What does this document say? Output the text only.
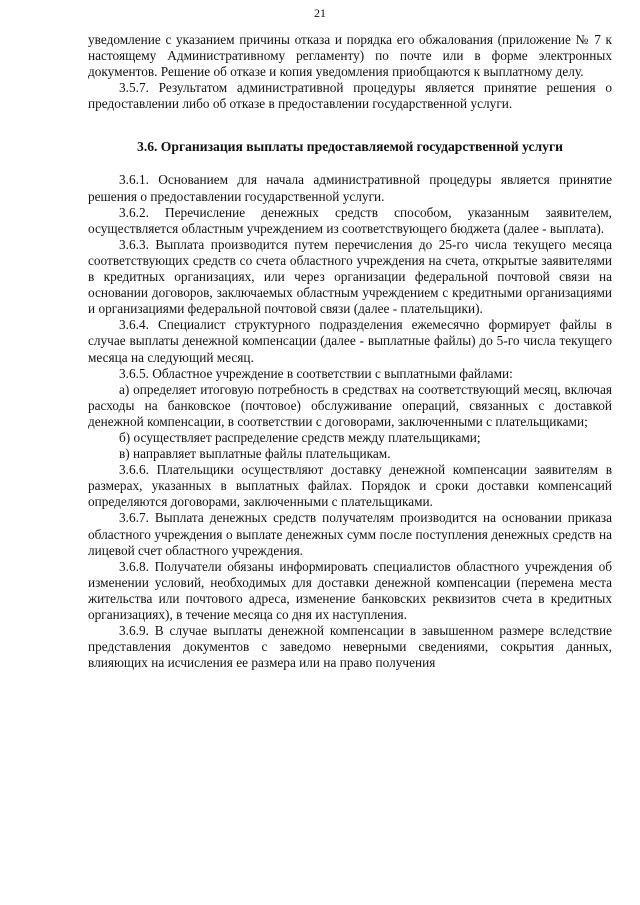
21

уведомление с указанием причины отказа и порядка его обжалования (приложение № 7 к настоящему Административному регламенту) по почте или в форме электронных документов. Решение об отказе и копия уведомления приобщаются к выплатному делу.

3.5.7. Результатом административной процедуры является принятие решения о предоставлении либо об отказе в предоставлении государственной услуги.

3.6. Организация выплаты предоставляемой государственной услуги

3.6.1. Основанием для начала административной процедуры является принятие решения о предоставлении государственной услуги.

3.6.2. Перечисление денежных средств способом, указанным заявителем, осуществляется областным учреждением из соответствующего бюджета (далее - выплата).

3.6.3. Выплата производится путем перечисления до 25-го числа текущего месяца соответствующих средств со счета областного учреждения на счета, открытые заявителями в кредитных организациях, или через организации федеральной почтовой связи на основании договоров, заключаемых областным учреждением с кредитными организациями и организациями федеральной почтовой связи (далее - плательщики).

3.6.4. Специалист структурного подразделения ежемесячно формирует файлы в случае выплаты денежной компенсации (далее - выплатные файлы) до 5-го числа текущего месяца на следующий месяц.

3.6.5. Областное учреждение в соответствии с выплатными файлами:

а) определяет итоговую потребность в средствах на соответствующий месяц, включая расходы на банковское (почтовое) обслуживание операций, связанных с доставкой денежной компенсации, в соответствии с договорами, заключенными с плательщиками;

б) осуществляет распределение средств между плательщиками;

в) направляет выплатные файлы плательщикам.

3.6.6. Плательщики осуществляют доставку денежной компенсации заявителям в размерах, указанных в выплатных файлах. Порядок и сроки доставки компенсаций определяются договорами, заключенными с плательщиками.

3.6.7. Выплата денежных средств получателям производится на основании приказа областного учреждения о выплате денежных сумм после поступления денежных средств на лицевой счет областного учреждения.

3.6.8. Получатели обязаны информировать специалистов областного учреждения об изменении условий, необходимых для доставки денежной компенсации (перемена места жительства или почтового адреса, изменение банковских реквизитов счета в кредитных организациях), в течение месяца со дня их наступления.

3.6.9. В случае выплаты денежной компенсации в завышенном размере вследствие представления документов с заведомо неверными сведениями, сокрытия данных, влияющих на исчисления ее размера или на право получения
